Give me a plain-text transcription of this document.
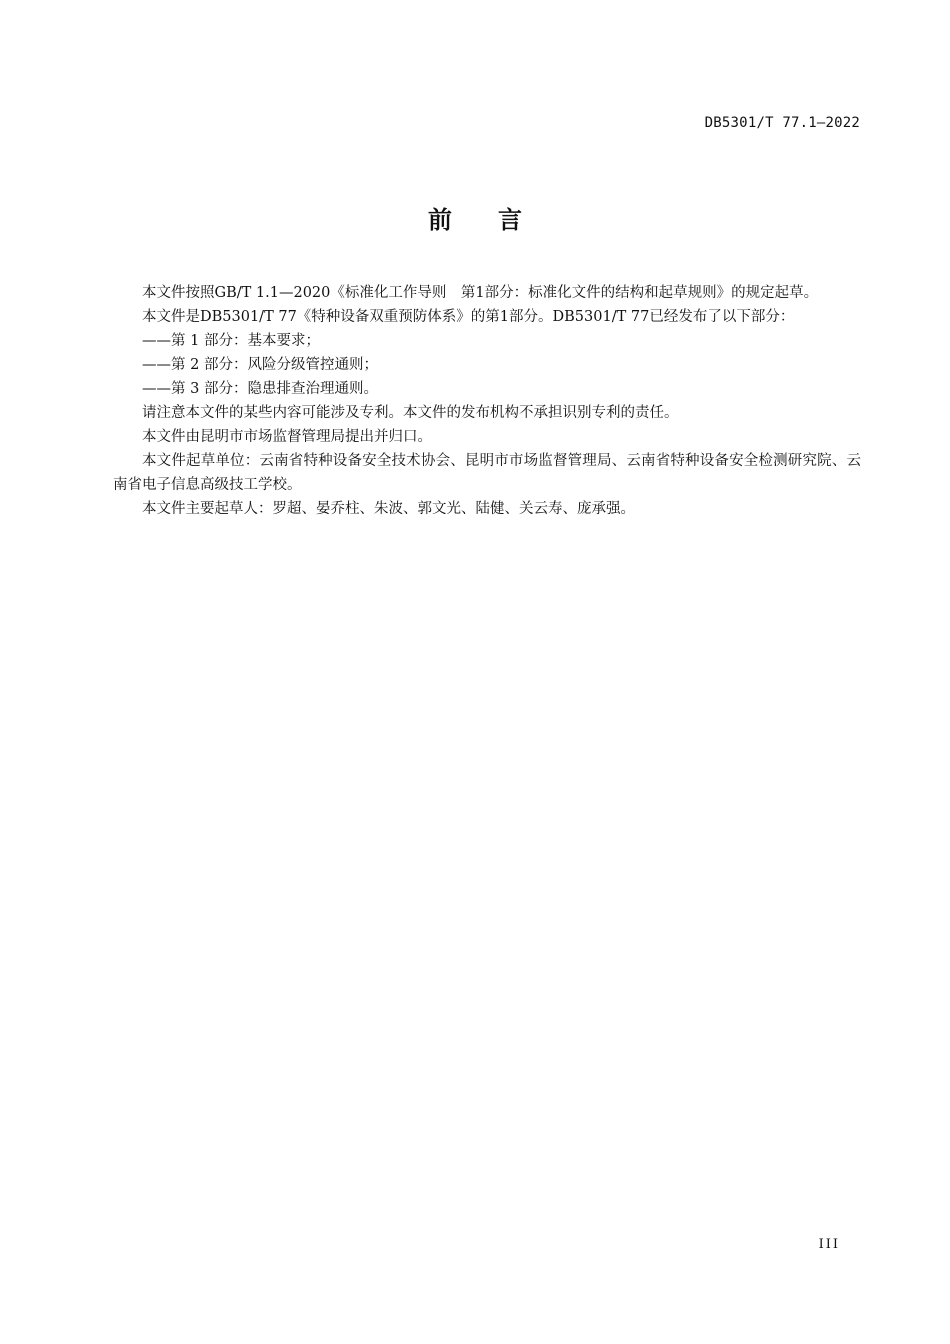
DB5301/T 77.1—2022
前言

本文件按照GB/T 1.1—2020《标准化工作导则　第1部分：标准化文件的结构和起草规则》的规定起草。

本文件是DB5301/T 77《特种设备双重预防体系》的第1部分。DB5301/T 77已经发布了以下部分：

——第 1 部分：基本要求；

——第 2 部分：风险分级管控通则；

——第 3 部分：隐患排查治理通则。

请注意本文件的某些内容可能涉及专利。本文件的发布机构不承担识别专利的责任。

本文件由昆明市市场监督管理局提出并归口。

本文件起草单位：云南省特种设备安全技术协会、昆明市市场监督管理局、云南省特种设备安全检测研究院、云南省电子信息高级技工学校。

本文件主要起草人：罗超、晏乔柱、朱波、郭文光、陆健、关云寿、庞承强。

III
